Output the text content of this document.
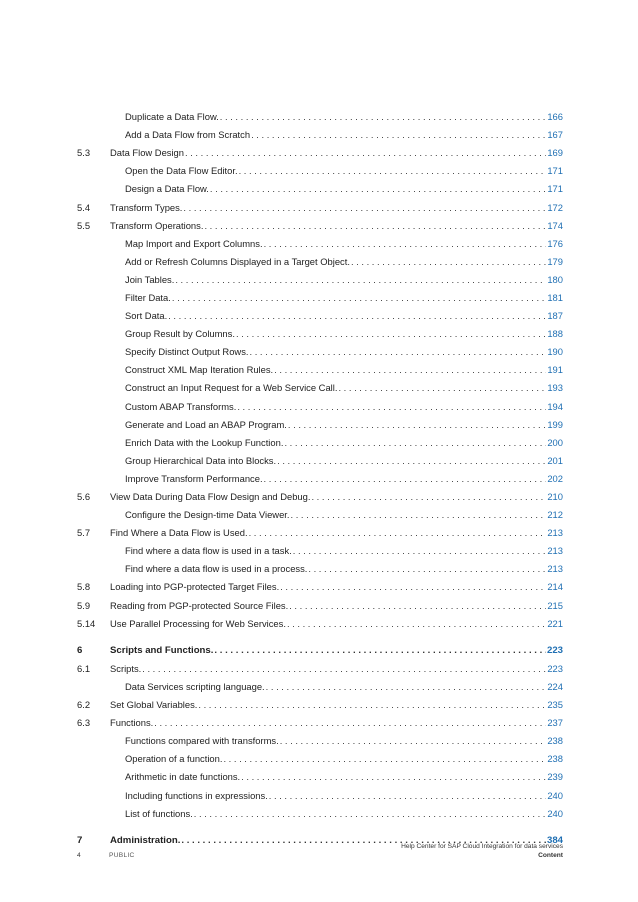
Duplicate a Data Flow. . . .	166
Add a Data Flow from Scratch . . .	167
5.3	Data Flow Design . . .	169
Open the Data Flow Editor. . . .	171
Design a Data Flow. . . .	171
5.4	Transform Types. . . .	172
5.5	Transform Operations. . . .	174
Map Import and Export Columns. . . .	176
Add or Refresh Columns Displayed in a Target Object. . . .	179
Join Tables. . . .	180
Filter Data. . . .	181
Sort Data. . . .	187
Group Result by Columns. . . .	188
Specify Distinct Output Rows. . . .	190
Construct XML Map Iteration Rules. . . .	191
Construct an Input Request for a Web Service Call. . . .	193
Custom ABAP Transforms. . . .	194
Generate and Load an ABAP Program. . . .	199
Enrich Data with the Lookup Function. . . .	200
Group Hierarchical Data into Blocks. . . .	201
Improve Transform Performance. . . .	202
5.6	View Data During Data Flow Design and Debug. . . .	210
Configure the Design-time Data Viewer. . . .	212
5.7	Find Where a Data Flow is Used. . . .	213
Find where a data flow is used in a task. . . .	213
Find where a data flow is used in a process. . . .	213
5.8	Loading into PGP-protected Target Files. . . .	214
5.9	Reading from PGP-protected Source Files. . . .	215
5.14	Use Parallel Processing for Web Services. . . .	221
6	Scripts and Functions. . . .	223
6.1	Scripts. . . .	223
Data Services scripting language. . . .	224
6.2	Set Global Variables. . . .	235
6.3	Functions. . . .	237
Functions compared with transforms. . . .	238
Operation of a function. . . .	238
Arithmetic in date functions. . . .	239
Including functions in expressions. . . .	240
List of functions. . . .	240
7	Administration. . . .	384
4	PUBLIC
Help Center for SAP Cloud Integration for data services
Content
